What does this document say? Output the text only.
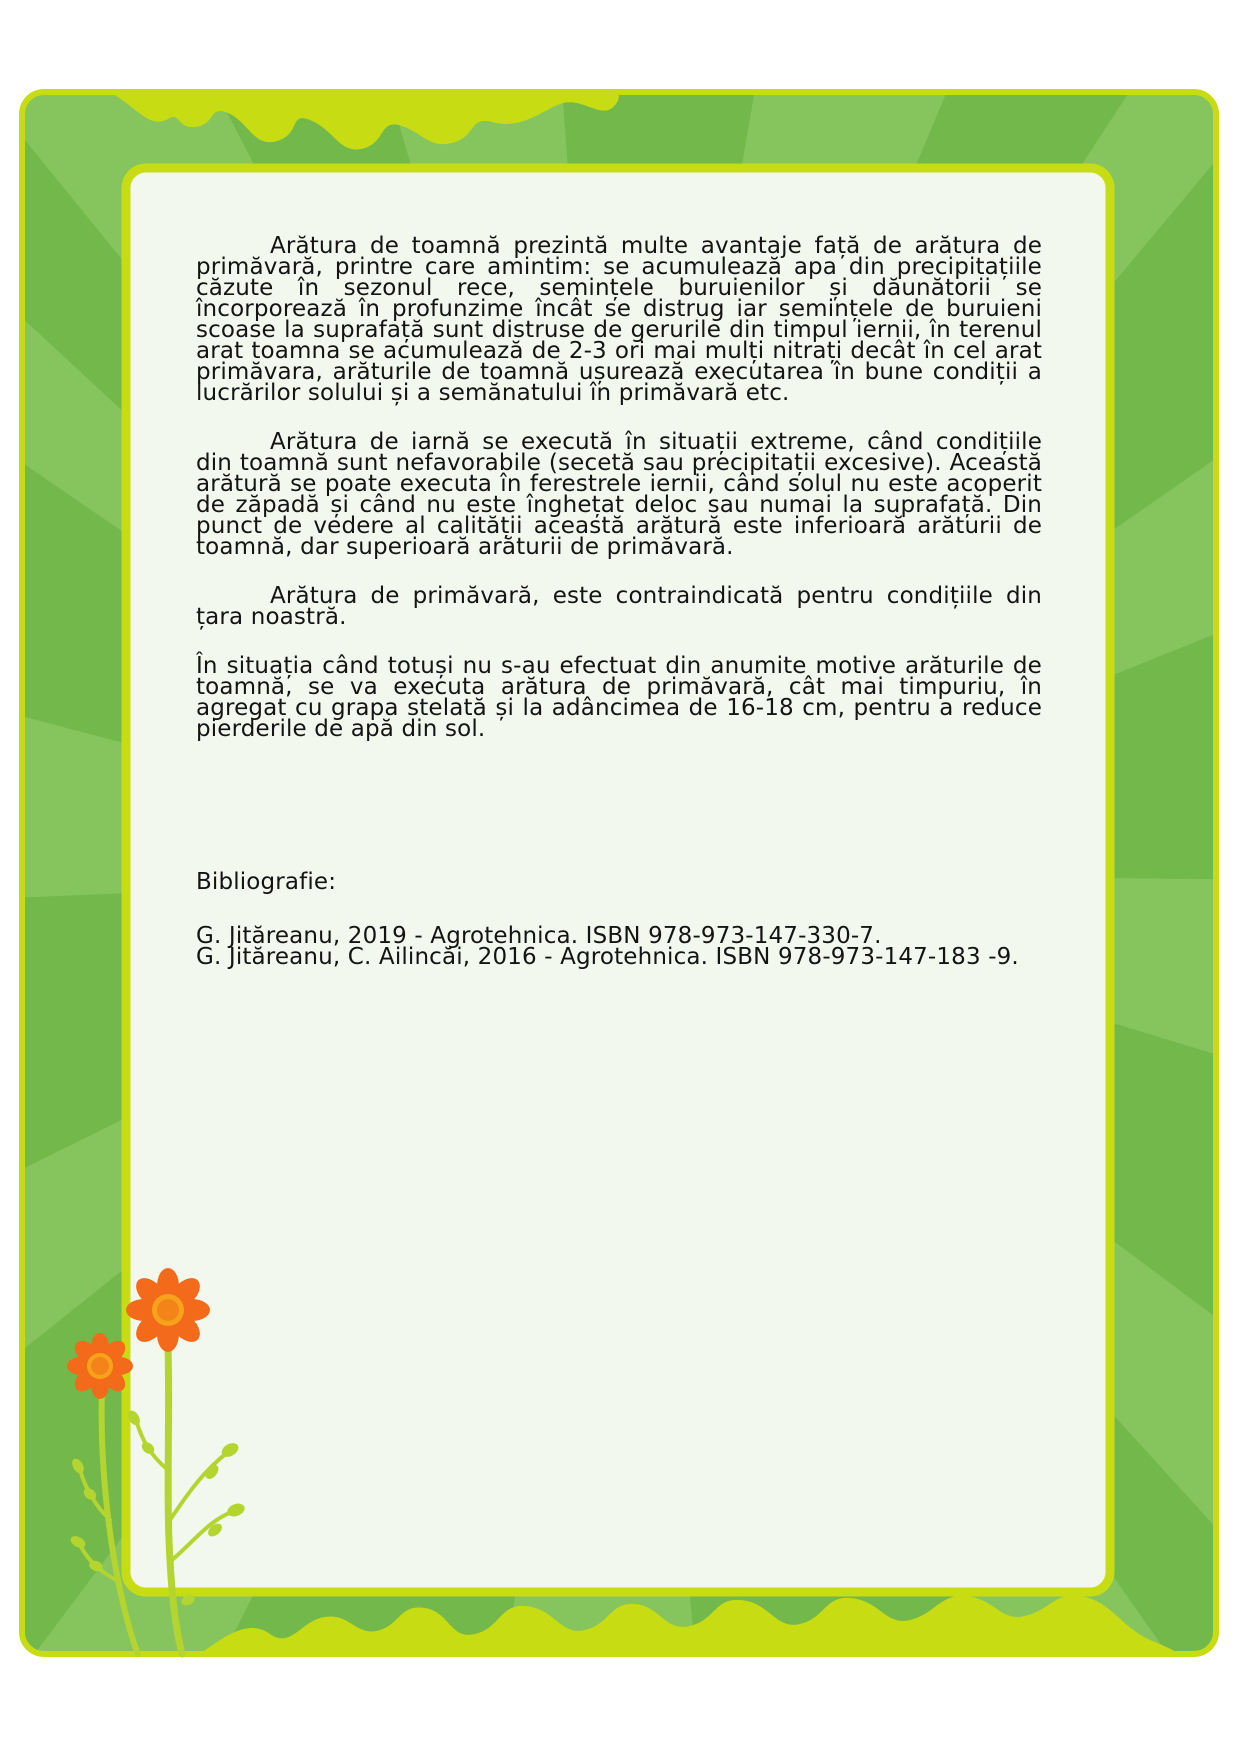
Arătura de toamnă prezintă multe avantaje față de arătura de primăvară, printre care amintim: se acumulează apa din precipitațiile căzute în sezonul rece, semințele buruienilor și dăunătorii se încorporează în profunzime încât se distrug iar semințele de buruieni scoase la suprafață sunt distruse de gerurile din timpul iernii, în terenul arat toamna se acumulează de 2-3 ori mai mulți nitrați decât în cel arat primăvara, arăturile de toamnă ușurează executarea în bune condiții a lucrărilor solului și a semănatului în primăvară etc.

Arătura de iarnă se execută în situații extreme, când condițiile din toamnă sunt nefavorabile (secetă sau precipitații excesive). Această arătură se poate executa în ferestrele iernii, când solul nu este acoperit de zăpadă și când nu este înghețat deloc sau numai la suprafață. Din punct de vedere al calității această arătură este inferioară arăturii de toamnă, dar superioară arăturii de primăvară.

Arătura de primăvară, este contraindicată pentru condițiile din țara noastră.

În situația când totuși nu s-au efectuat din anumite motive arăturile de toamnă, se va executa arătura de primăvară, cât mai timpuriu, în agregat cu grapa stelată și la adâncimea de 16-18 cm, pentru a reduce pierderile de apă din sol.

Bibliografie:

G. Jităreanu, 2019 - Agrotehnica. ISBN 978-973-147-330-7.
G. Jităreanu, C. Ailincăi, 2016 - Agrotehnica. ISBN 978-973-147-183 -9.
